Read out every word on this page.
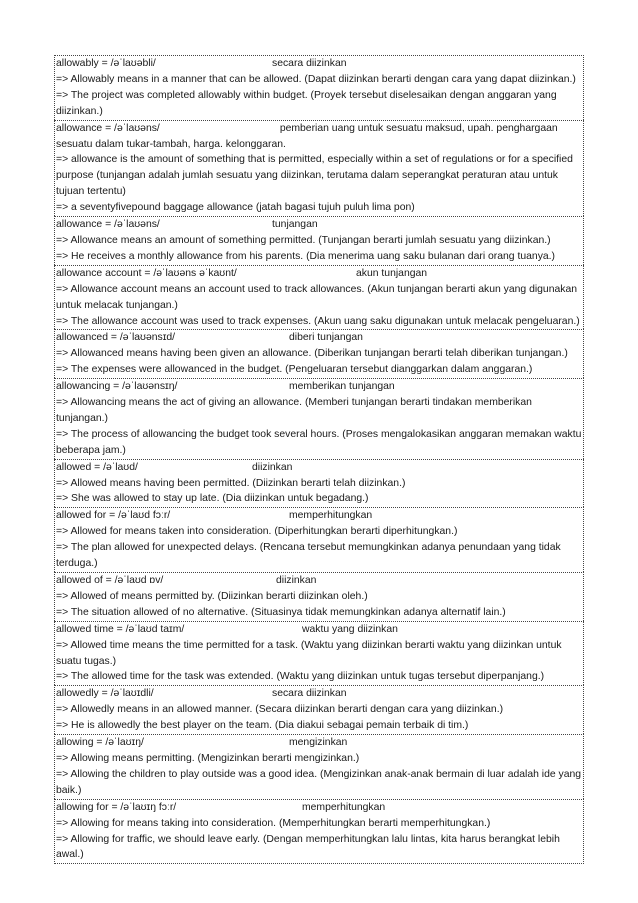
allowably = /əˈlaʊəbli/	secara diizinkan

=> Allowably means in a manner that can be allowed. (Dapat diizinkan berarti dengan cara yang dapat diizinkan.)

=> The project was completed allowably within budget. (Proyek tersebut diselesaikan dengan anggaran yang diizinkan.)

allowance = /əˈlaʊəns/	pemberian uang untuk sesuatu maksud, upah. penghargaan sesuatu dalam tukar-tambah, harga. kelonggaran.

=> allowance is the amount of something that is permitted, especially within a set of regulations or for a specified purpose (tunjangan adalah jumlah sesuatu yang diizinkan, terutama dalam seperangkat peraturan atau untuk tujuan tertentu)

=> a seventyfivepound baggage allowance (jatah bagasi tujuh puluh lima pon)

allowance = /əˈlaʊəns/	tunjangan

=> Allowance means an amount of something permitted. (Tunjangan berarti jumlah sesuatu yang diizinkan.)

=> He receives a monthly allowance from his parents. (Dia menerima uang saku bulanan dari orang tuanya.)

allowance account = /əˈlaʊəns əˈkaʊnt/	akun tunjangan

=> Allowance account means an account used to track allowances. (Akun tunjangan berarti akun yang digunakan untuk melacak tunjangan.)

=> The allowance account was used to track expenses. (Akun uang saku digunakan untuk melacak pengeluaran.)

allowanced = /əˈlaʊənsɪd/	diberi tunjangan

=> Allowanced means having been given an allowance. (Diberikan tunjangan berarti telah diberikan tunjangan.)

=> The expenses were allowanced in the budget. (Pengeluaran tersebut dianggarkan dalam anggaran.)

allowancing = /əˈlaʊənsɪŋ/	memberikan tunjangan

=> Allowancing means the act of giving an allowance. (Memberi tunjangan berarti tindakan memberikan tunjangan.)

=> The process of allowancing the budget took several hours. (Proses mengalokasikan anggaran memakan waktu beberapa jam.)

allowed = /əˈlaʊd/	diizinkan

=> Allowed means having been permitted. (Diizinkan berarti telah diizinkan.)

=> She was allowed to stay up late. (Dia diizinkan untuk begadang.)

allowed for = /əˈlaʊd fɔːr/	memperhitungkan

=> Allowed for means taken into consideration. (Diperhitungkan berarti diperhitungkan.)

=> The plan allowed for unexpected delays. (Rencana tersebut memungkinkan adanya penundaan yang tidak terduga.)

allowed of = /əˈlaʊd ɒv/	diizinkan

=> Allowed of means permitted by. (Diizinkan berarti diizinkan oleh.)

=> The situation allowed of no alternative. (Situasinya tidak memungkinkan adanya alternatif lain.)

allowed time = /əˈlaʊd taɪm/	waktu yang diizinkan

=> Allowed time means the time permitted for a task. (Waktu yang diizinkan berarti waktu yang diizinkan untuk suatu tugas.)

=> The allowed time for the task was extended. (Waktu yang diizinkan untuk tugas tersebut diperpanjang.)

allowedly = /əˈlaʊɪdli/	secara diizinkan

=> Allowedly means in an allowed manner. (Secara diizinkan berarti dengan cara yang diizinkan.)

=> He is allowedly the best player on the team. (Dia diakui sebagai pemain terbaik di tim.)

allowing = /əˈlaʊɪŋ/	mengizinkan

=> Allowing means permitting. (Mengizinkan berarti mengizinkan.)

=> Allowing the children to play outside was a good idea. (Mengizinkan anak-anak bermain di luar adalah ide yang baik.)

allowing for = /əˈlaʊɪŋ fɔːr/	memperhitungkan

=> Allowing for means taking into consideration. (Memperhitungkan berarti memperhitungkan.)

=> Allowing for traffic, we should leave early. (Dengan memperhitungkan lalu lintas, kita harus berangkat lebih awal.)
